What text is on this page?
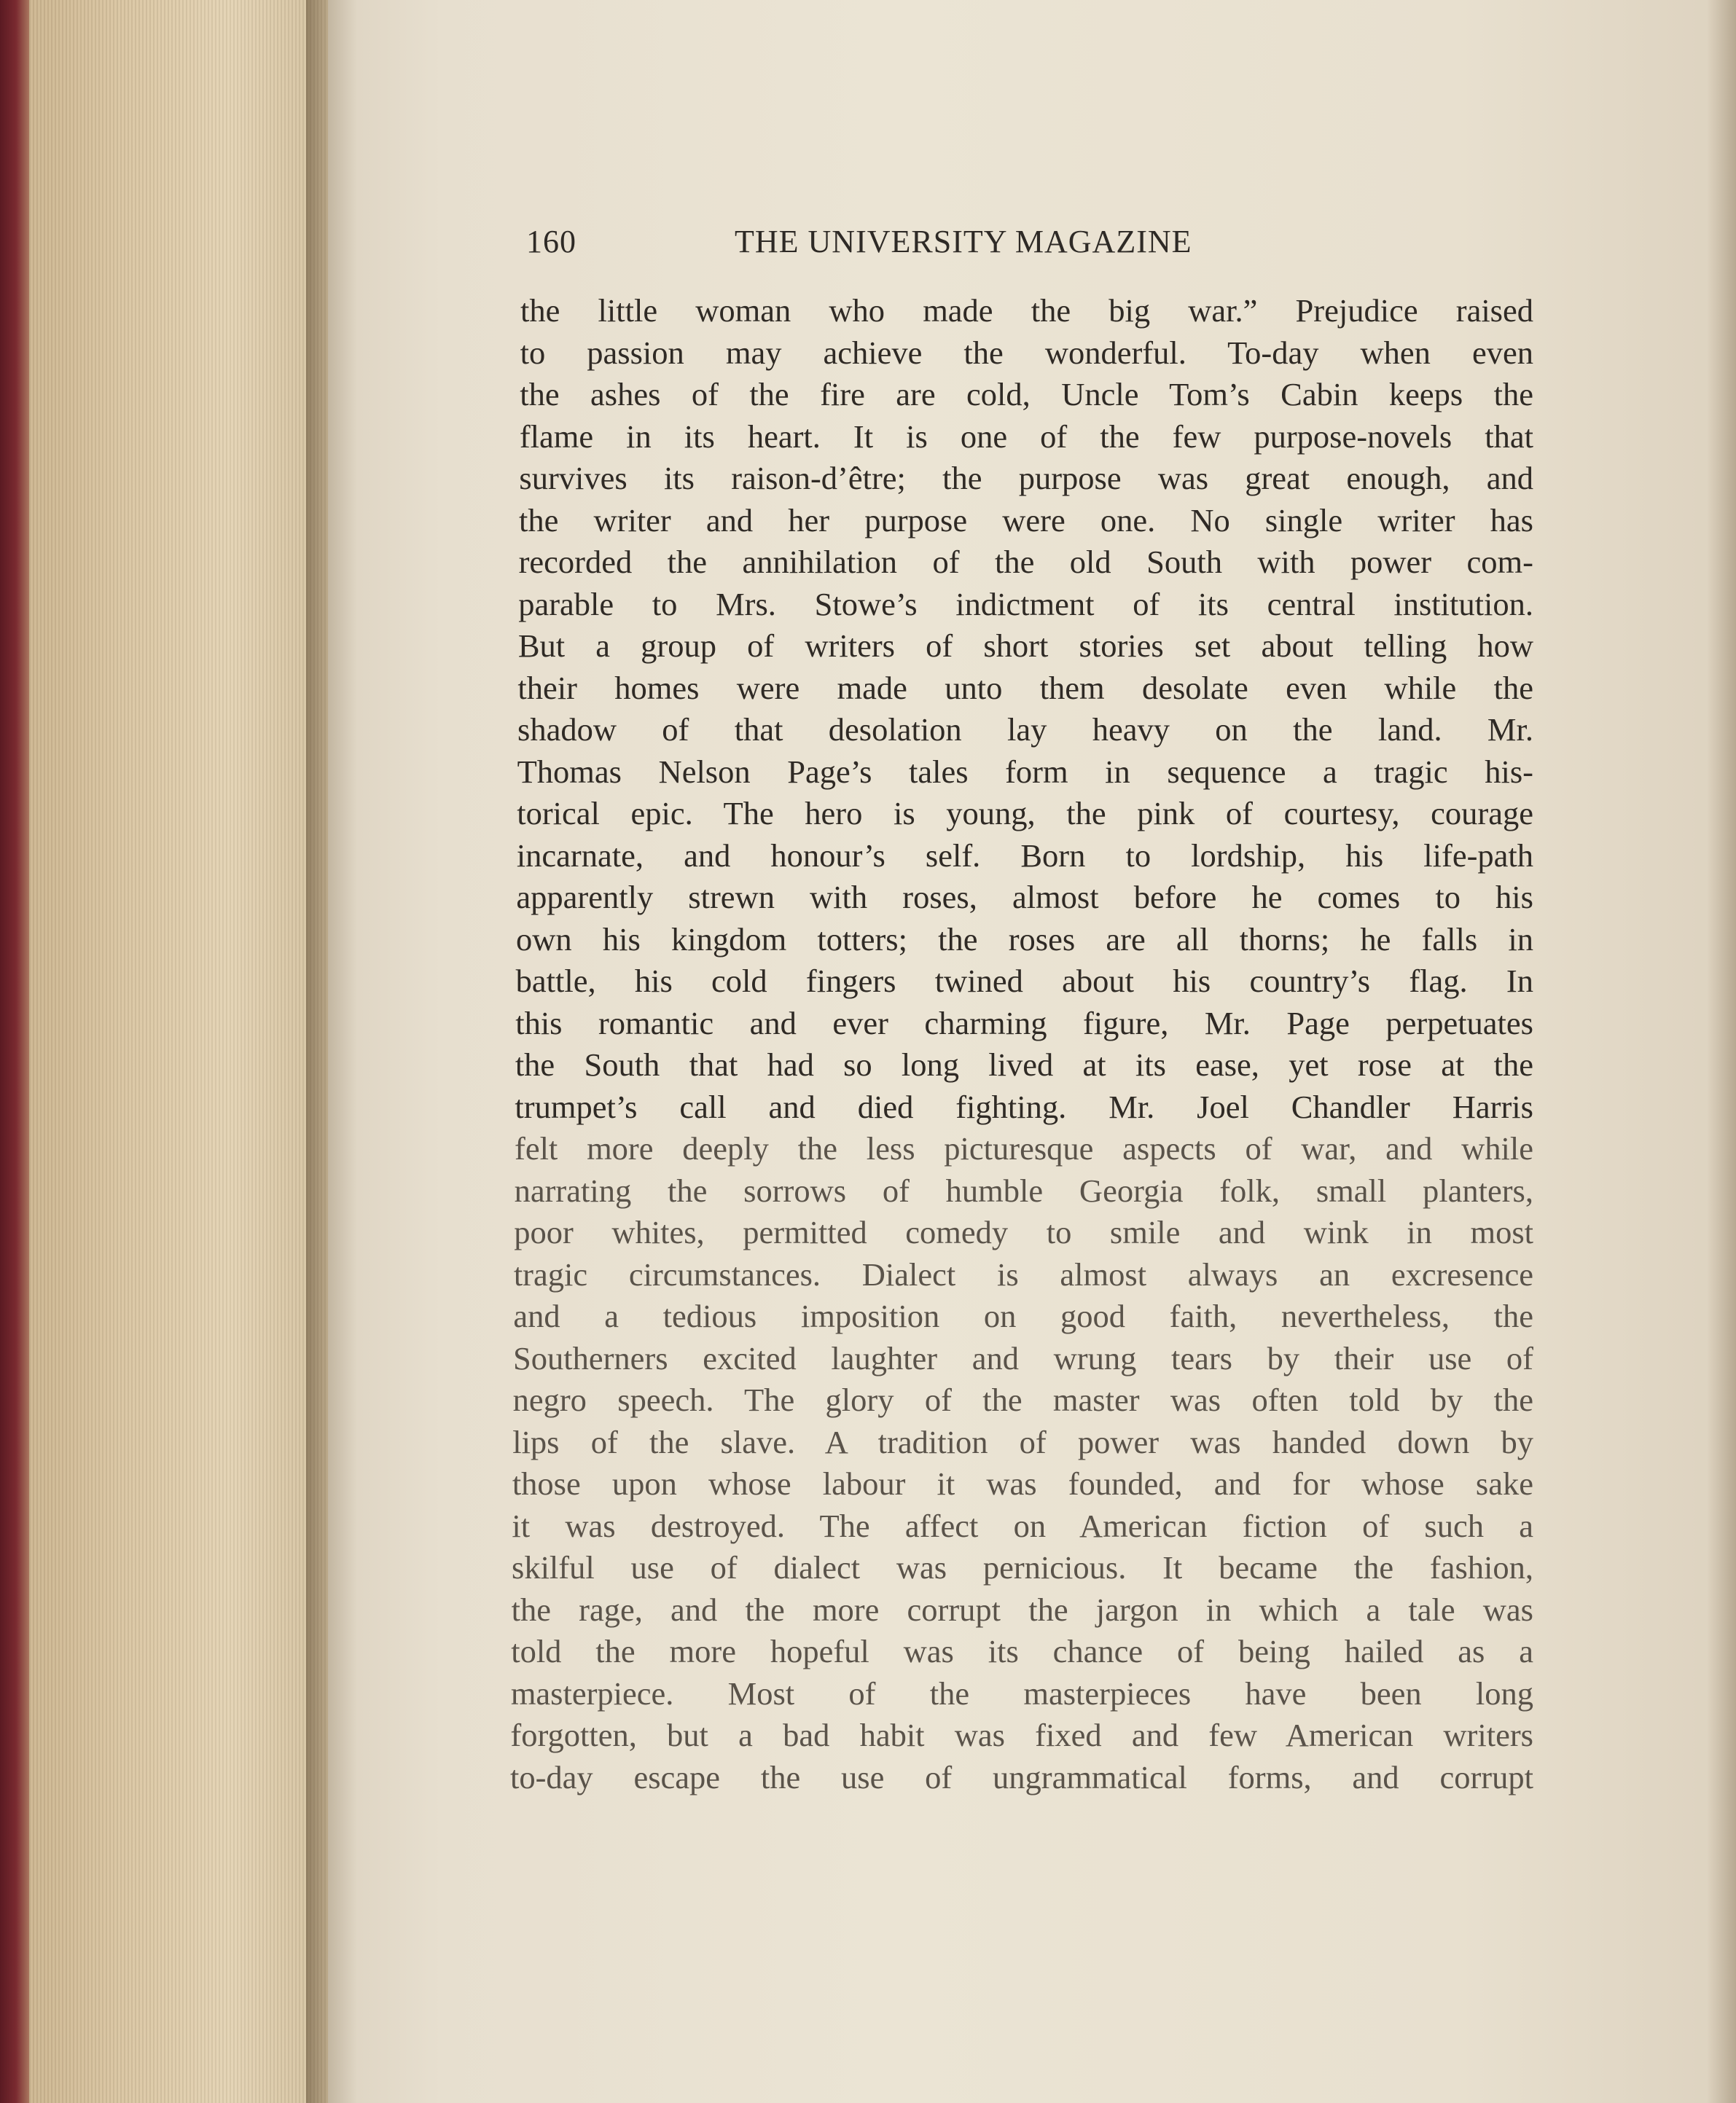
160	THE UNIVERSITY MAGAZINE
the little woman who made the big war.” Prejudice raised
to passion may achieve the wonderful. To-day when even
the ashes of the fire are cold, Uncle Tom’s Cabin keeps the
flame in its heart. It is one of the few purpose-novels that
survives its raison-d’être; the purpose was great enough, and
the writer and her purpose were one. No single writer has
recorded the annihilation of the old South with power com-
parable to Mrs. Stowe’s indictment of its central institution.
But a group of writers of short stories set about telling how
their homes were made unto them desolate even while the
shadow of that desolation lay heavy on the land. Mr.
Thomas Nelson Page’s tales form in sequence a tragic his-
torical epic. The hero is young, the pink of courtesy, courage
incarnate, and honour’s self. Born to lordship, his life-path
apparently strewn with roses, almost before he comes to his
own his kingdom totters; the roses are all thorns; he falls in
battle, his cold fingers twined about his country’s flag. In
this romantic and ever charming figure, Mr. Page perpetuates
the South that had so long lived at its ease, yet rose at the
trumpet’s call and died fighting. Mr. Joel Chandler Harris
felt more deeply the less picturesque aspects of war, and while
narrating the sorrows of humble Georgia folk, small planters,
poor whites, permitted comedy to smile and wink in most
tragic circumstances. Dialect is almost always an excresence
and a tedious imposition on good faith, nevertheless, the
Southerners excited laughter and wrung tears by their use of
negro speech. The glory of the master was often told by the
lips of the slave. A tradition of power was handed down by
those upon whose labour it was founded, and for whose sake
it was destroyed. The affect on American fiction of such a
skilful use of dialect was pernicious. It became the fashion,
the rage, and the more corrupt the jargon in which a tale was
told the more hopeful was its chance of being hailed as a
masterpiece. Most of the masterpieces have been long
forgotten, but a bad habit was fixed and few American writers
to-day escape the use of ungrammatical forms, and corrupt
